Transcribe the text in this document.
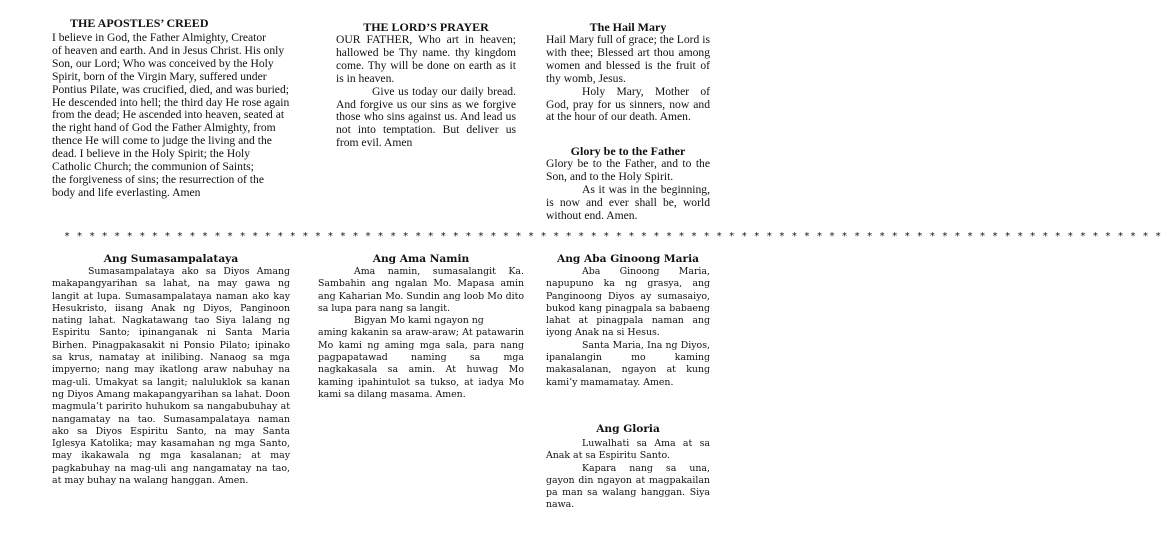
THE APOSTLES’ CREED
I believe in God, the Father Almighty, Creator
of heaven and earth. And in Jesus Christ. His only
Son, our Lord; Who was conceived by the Holy
Spirit, born of the Virgin Mary, suffered under
Pontius Pilate, was crucified, died, and was buried;
He descended into hell; the third day He rose again
from the dead; He ascended into heaven, seated at
the right hand of God the Father Almighty, from
thence He will come to judge the living and the
dead. I believe in the Holy Spirit; the Holy
Catholic Church; the communion of Saints;
the forgiveness of sins; the resurrection of the
body and life everlasting. Amen
THE LORD’S PRAYER

OUR FATHER, Who art in heaven; hallowed be Thy name. thy kingdom come. Thy will be done on earth as it is in heaven.

Give us today our daily bread. And forgive us our sins as we forgive those who sins against us. And lead us not into temptation. But deliver us from evil. Amen

The Hail Mary

Hail Mary full of grace; the Lord is with thee; Blessed art thou among women and blessed is the fruit of thy womb, Jesus.

Holy Mary, Mother of God, pray for us sinners, now and at the hour of our death. Amen.

Glory be to the Father

Glory be to the Father, and to the Son, and to the Holy Spirit.

As it was in the beginning, is now and ever shall be, world without end. Amen.

* * * * * * * * * * * * * * * * * * * * * * * * * * * * * * * * * * * * * * * * * * * * * * * * * * * * * * * * * * * * * * * * * * * * * * * * * * * * * * * * * * * * * * * *
Ang Sumasampalataya

Sumasampalataya ako sa Diyos Amang makapangyarihan sa lahat, na may gawa ng langit at lupa. Sumasampalataya naman ako kay Hesukristo, iisang Anak ng Diyos, Panginoon nating lahat. Nagkatawang tao Siya lalang ng Espiritu Santo; ipinanganak ni Santa Maria Birhen. Pinagpakasakit ni Ponsio Pilato; ipinako sa krus, namatay at inilibing. Nanaog sa mga impyerno; nang may ikatlong araw nabuhay na mag-uli. Umakyat sa langit; naluluklok sa kanan ng Diyos Amang makapangyarihan sa lahat. Doon magmula’t paririto huhukom sa nangabubuhay at nangamatay na tao. Sumasampalataya naman ako sa Diyos Espiritu Santo, na may Santa Iglesya Katolika; may kasamahan ng mga Santo, may ikakawala ng mga kasalanan; at may pagkabuhay na mag-uli ang nangamatay na tao, at may buhay na walang hanggan. Amen.

Ang Ama Namin

Ama namin, sumasalangit Ka. Sambahin ang ngalan Mo. Mapasa amin ang Kaharian Mo. Sundin ang loob Mo dito sa lupa para nang sa langit.

Bigyan Mo kami ngayon ng

aming kakanin sa araw-araw; At patawarin Mo kami ng aming mga sala, para nang pagpapatawad naming sa mga nagkakasala sa amin. At huwag Mo kaming ipahintulot sa tukso, at iadya Mo kami sa dilang masama. Amen.

Ang Aba Ginoong Maria

Aba Ginoong Maria, napupuno ka ng grasya, ang Panginoong Diyos ay sumasaiyo, bukod kang pinagpala sa babaeng lahat at pinagpala naman ang iyong Anak na si Hesus.

Santa Maria, Ina ng Diyos, ipanalangin mo kaming makasalanan, ngayon at kung kami’y mamamatay. Amen.

Ang Gloria

Luwalhati sa Ama at sa Anak at sa Espiritu Santo.

Kapara nang sa una, gayon din ngayon at magpakailan pa man sa walang hanggan. Siya nawa.
